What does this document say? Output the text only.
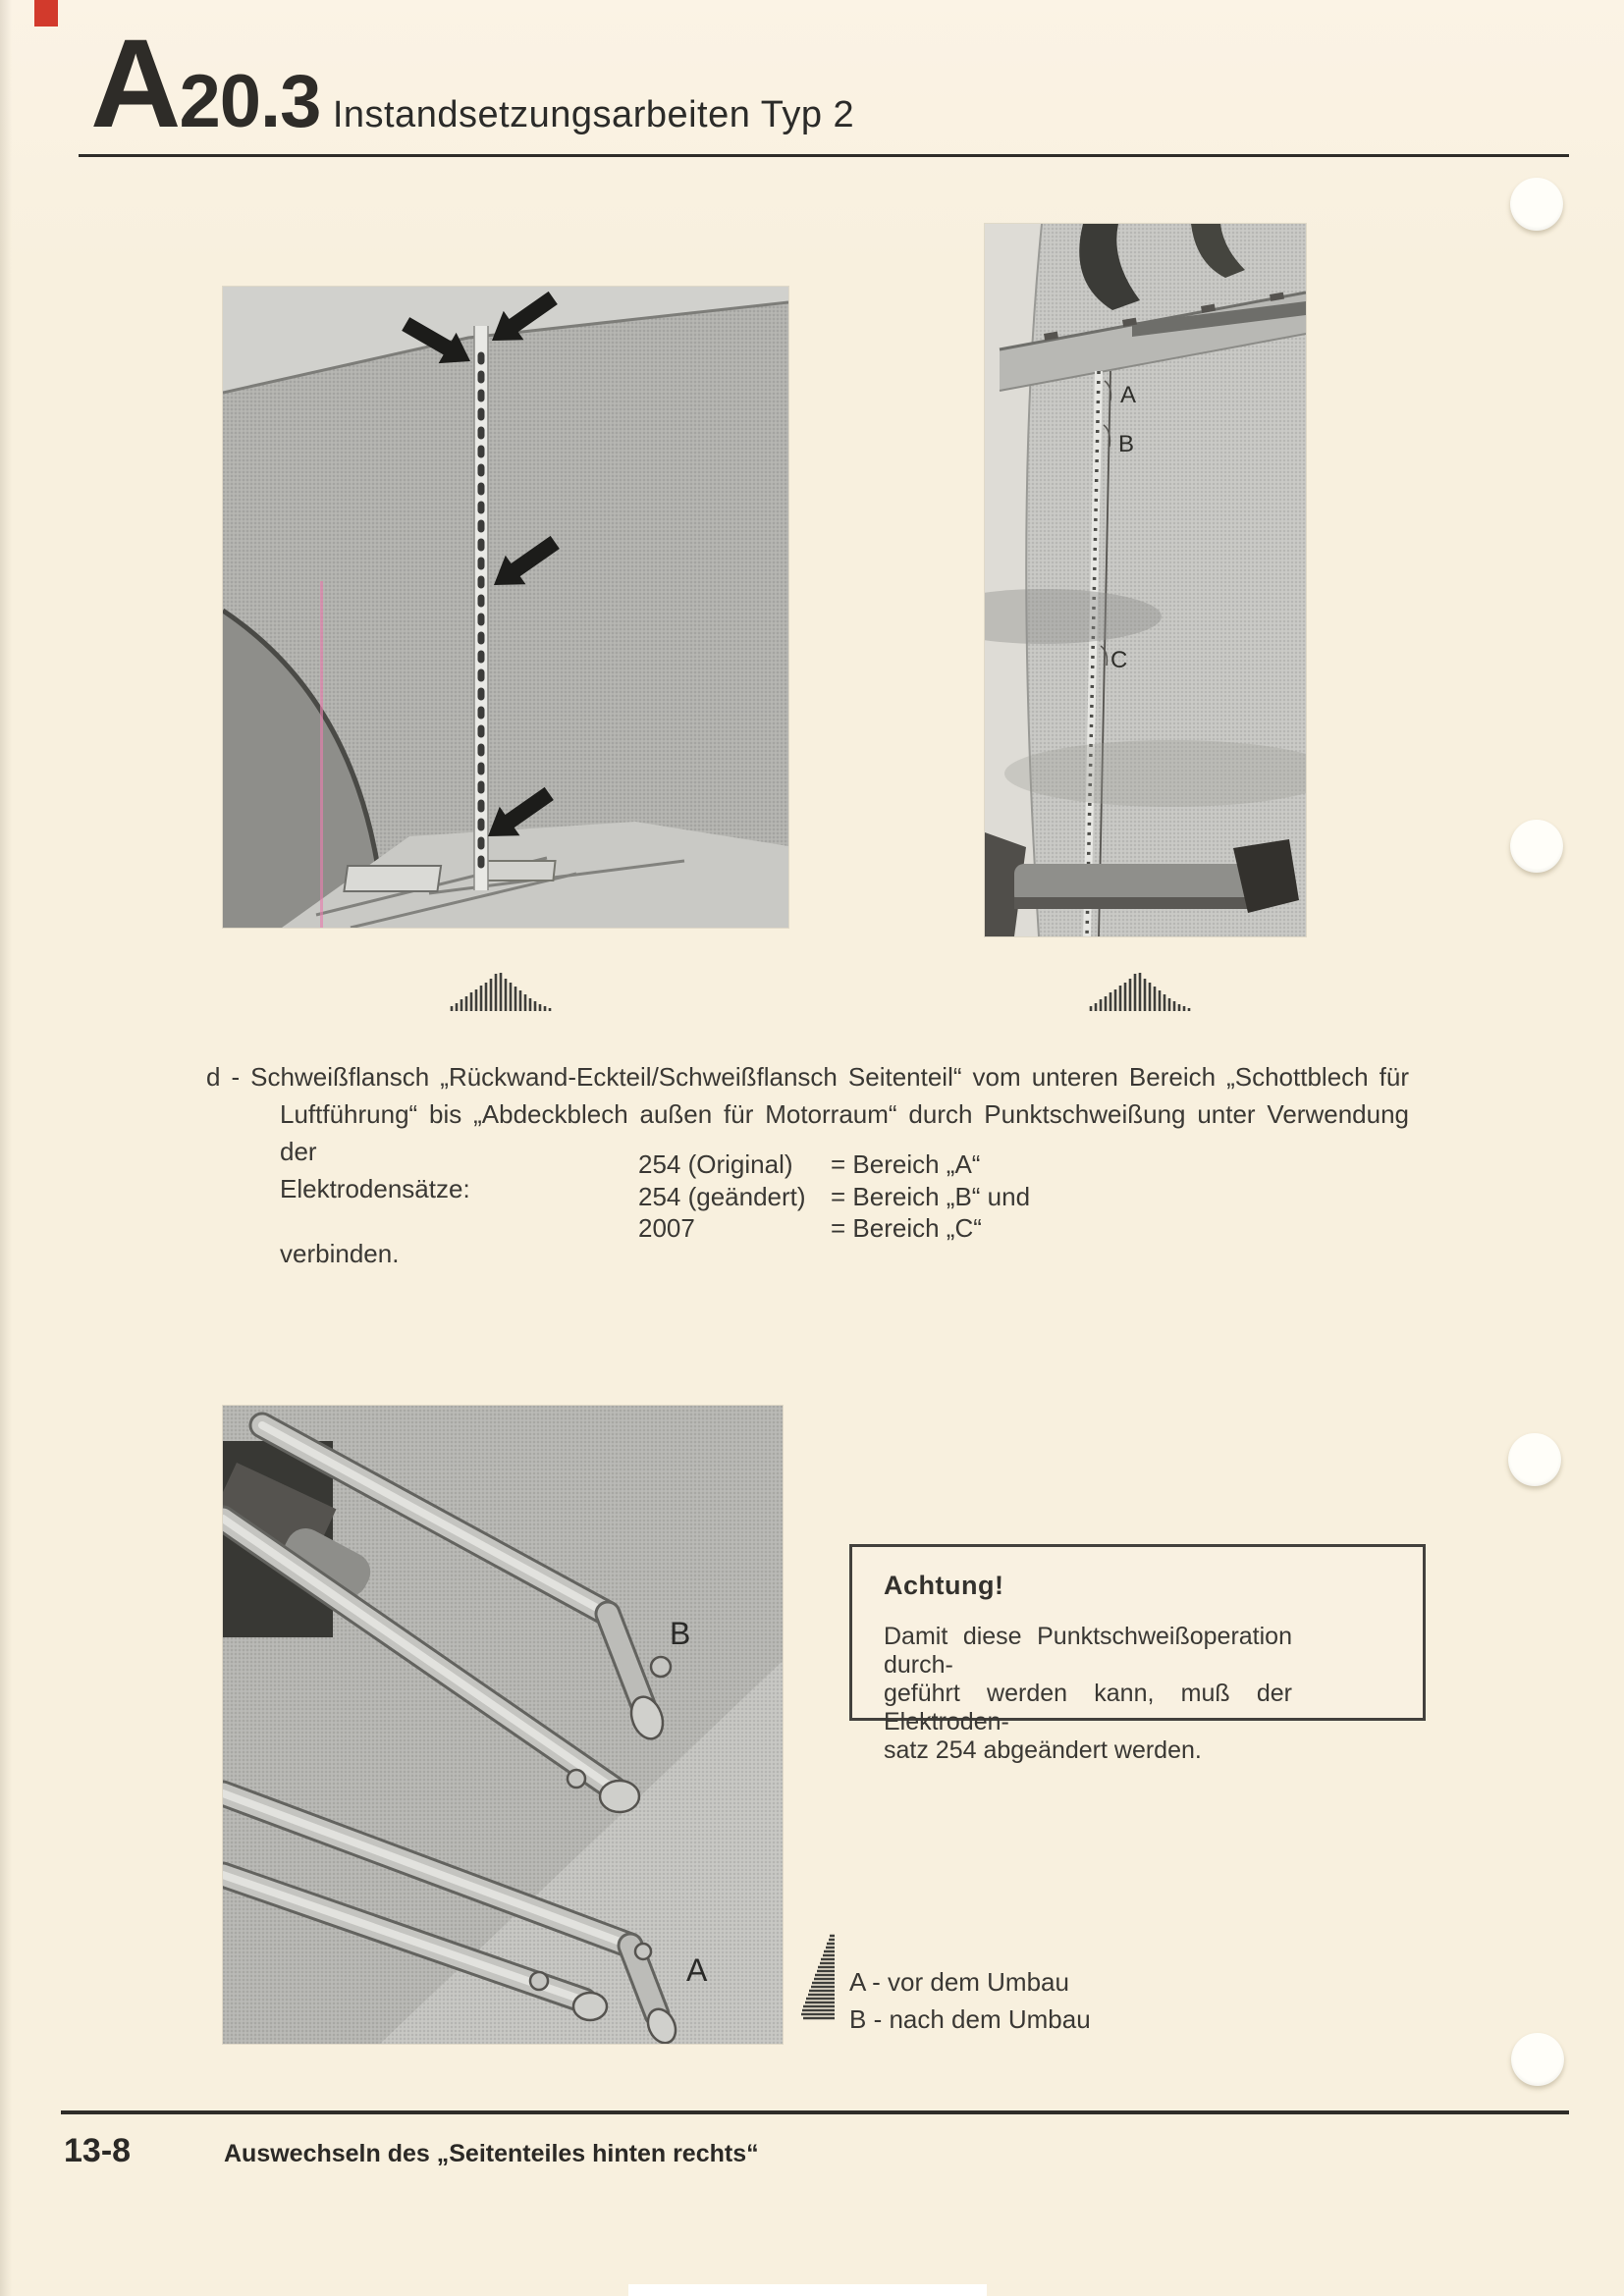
A20.3 Instandsetzungsarbeiten Typ 2
A
B
C
d - Schweißflansch „Rückwand-Eckteil/Schweißflansch Seitenteil“ vom unteren Bereich „Schottblech für
Luftführung“ bis „Abdeckblech außen für Motorraum“ durch Punktschweißung unter Verwendung der
Elektrodensätze:
254 (Original) = Bereich „A“
254 (geändert) = Bereich „B“ und
2007	= Bereich „C“
verbinden.
B
A
Achtung!
Damit diese Punktschweißoperation durch-
geführt werden kann, muß der Elektroden-
satz 254 abgeändert werden.
A - vor dem Umbau
B - nach dem Umbau
13-8	Auswechseln des „Seitenteiles hinten rechts“
